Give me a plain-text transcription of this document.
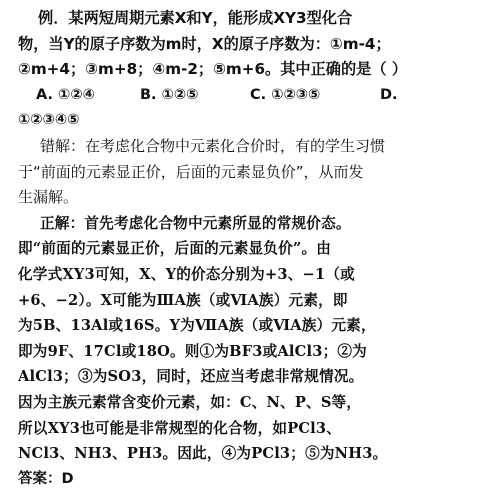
例．某两短周期元素X和Y，能形成XY3型化合
物，当Y的原子序数为m时，X的原子序数为：①m-4；
②m+4；③m+8；④m-2；⑤m+6。其中正确的是（ ）
A. ①②④	B. ①②⑤	C. ①②③⑤	D.
①②③④⑤
错解：在考虑化合物中元素化合价时，有的学生习惯
于“前面的元素显正价，后面的元素显负价”，从而发
生漏解。
正解：首先考虑化合物中元素所显的常规价态。
即“前面的元素显正价，后面的元素显负价”。由
化学式XY3可知，X、Y的价态分别为+3、−1（或
+6、−2）。X可能为ⅢA族（或ⅥA族）元素，即
为5B、13Al或16S。Y为ⅦA族（或ⅥA族）元素，
即为9F、17Cl或18O。则①为BF3或AlCl3；②为
AlCl3；③为SO3，同时，还应当考虑非常规情况。
因为主族元素常含变价元素，如：C、N、P、S等，
所以XY3也可能是非常规型的化合物，如PCl3、
NCl3、NH3、PH3。因此，④为PCl3；⑤为NH3。
答案：D
